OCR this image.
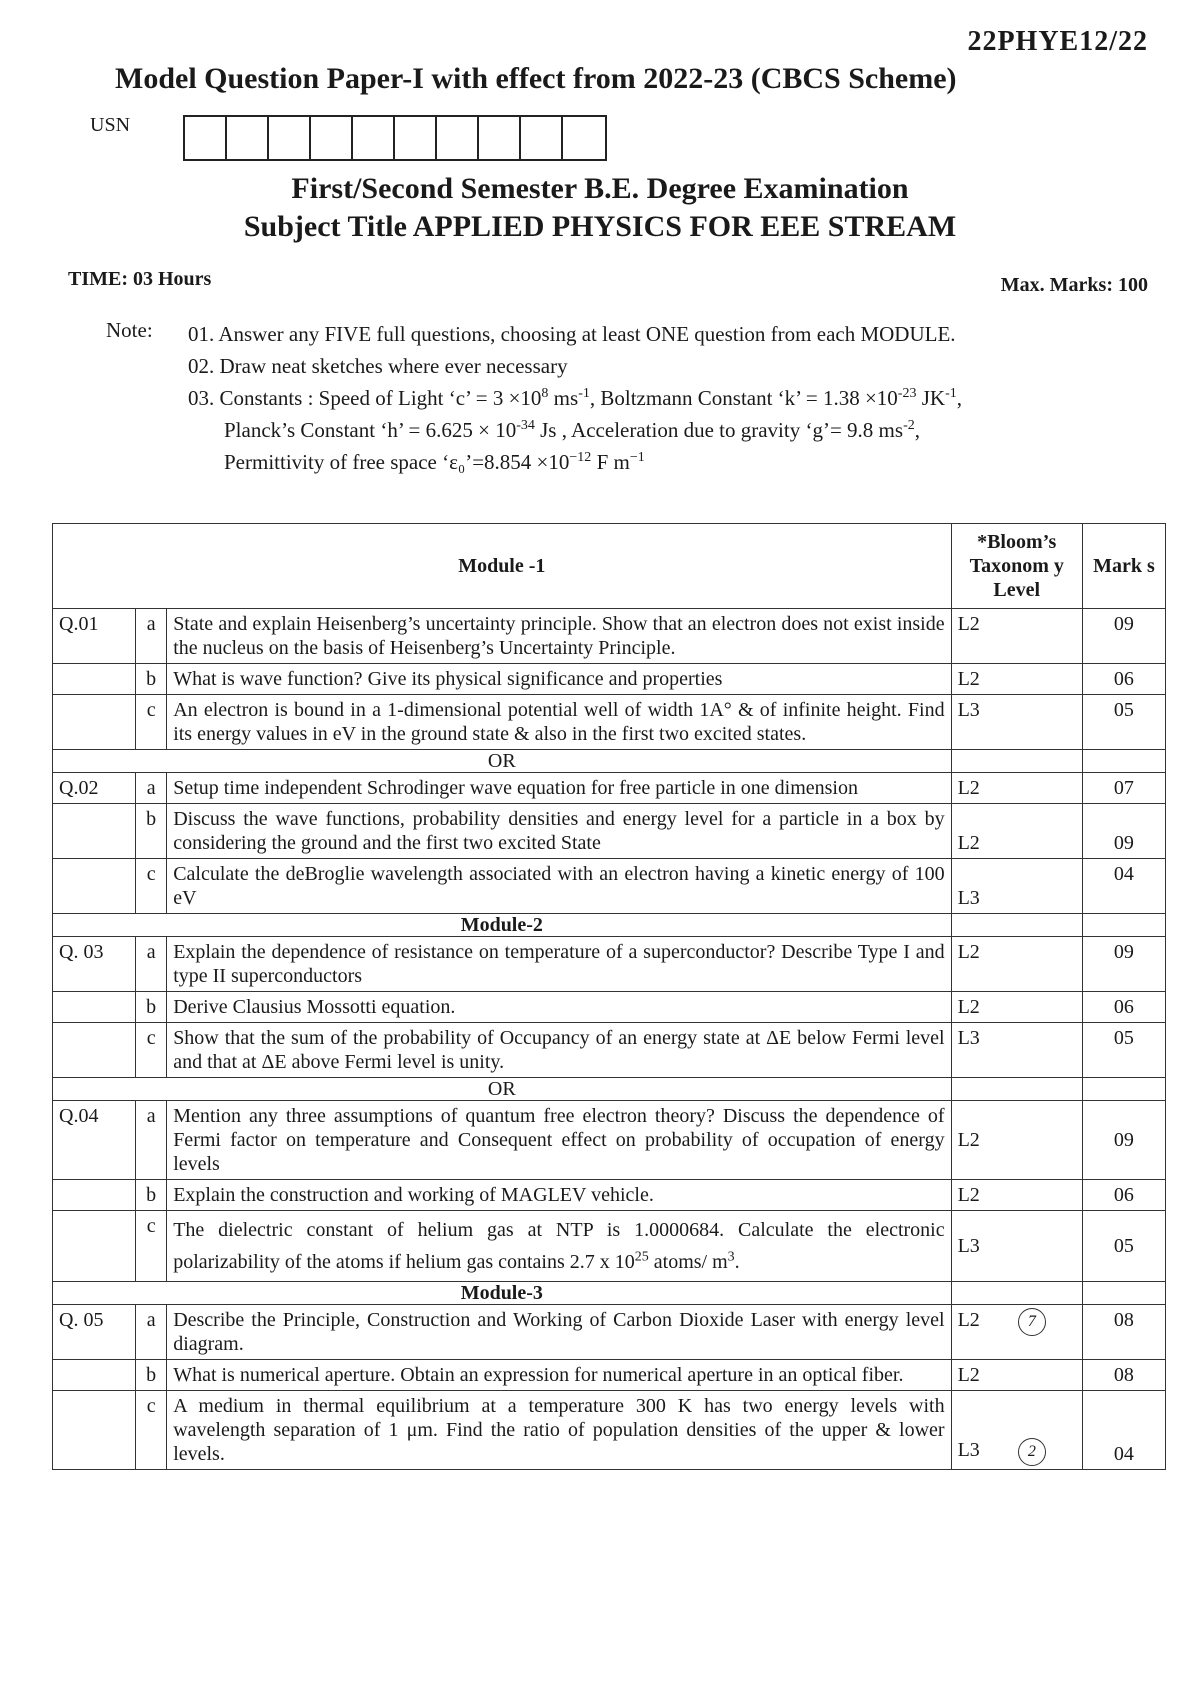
22PHYE12/22
Model Question Paper-I with effect from 2022-23 (CBCS Scheme)
USN
First/Second Semester B.E. Degree Examination
Subject Title APPLIED PHYSICS FOR EEE STREAM
TIME: 03 Hours	Max. Marks: 100
Note: 01. Answer any FIVE full questions, choosing at least ONE question from each MODULE.
02. Draw neat sketches where ever necessary
03. Constants : Speed of Light ‘c’ = $3 \times 10^8$ $ms^{-1}$, Boltzmann Constant ‘k’ = $1.38 \times 10^{-23}$ $JK^{-1}$,
Planck’s Constant ‘h’ = $6.625 \times 10^{-34}$ Js , Acceleration due to gravity ‘g’= 9.8 $ms^{-2}$,
Permittivity of free space ‘ε₀’=8.854 $\times 10^{-12}$ F $m^{-1}$
Module -1			*Bloom’s Taxonom y Level	Mark s
Q.01	a	State and explain Heisenberg’s uncertainty principle. Show that an electron does not exist inside the nucleus on the basis of Heisenberg’s Uncertainty Principle.	L2	09
	b	What is wave function? Give its physical significance and properties	L2	06
	c	An electron is bound in a 1-dimensional potential well of width 1A° & of infinite height. Find its energy values in eV in the ground state & also in the first two excited states.	L3	05
OR				
Q.02	a	Setup time independent Schrodinger wave equation for free particle in one dimension	L2	07
	b	Discuss the wave functions, probability densities and energy level for a particle in a box by considering the ground and the first two excited State	L2	09
	c	Calculate the deBroglie wavelength associated with an electron having a kinetic energy of 100 eV	L3	04
Module-2				
Q. 03	a	Explain the dependence of resistance on temperature of a superconductor? Describe Type I and type II superconductors	L2	09
	b	Derive Clausius Mossotti equation.	L2	06
	c	Show that the sum of the probability of Occupancy of an energy state at ΔE below Fermi level and that at ΔE above Fermi level is unity.	L3	05
OR				
Q.04	a	Mention any three assumptions of quantum free electron theory? Discuss the dependence of Fermi factor on temperature and Consequent effect on probability of occupation of energy levels	L2	09
	b	Explain the construction and working of MAGLEV vehicle.	L2	06
	c	The dielectric constant of helium gas at NTP is 1.0000684. Calculate the electronic polarizability of the atoms if helium gas contains 2.7 x $10^{25}$ atoms/ $m^3$.	L3	05
Module-3				
Q. 05	a	Describe the Principle, Construction and Working of Carbon Dioxide Laser with energy level diagram.	L2 7	08
	b	What is numerical aperture. Obtain an expression for numerical aperture in an optical fiber.	L2	08
	c	A medium in thermal equilibrium at a temperature 300 K has two energy levels with wavelength separation of 1 μm. Find the ratio of population densities of the upper & lower levels.	L3 2	04
